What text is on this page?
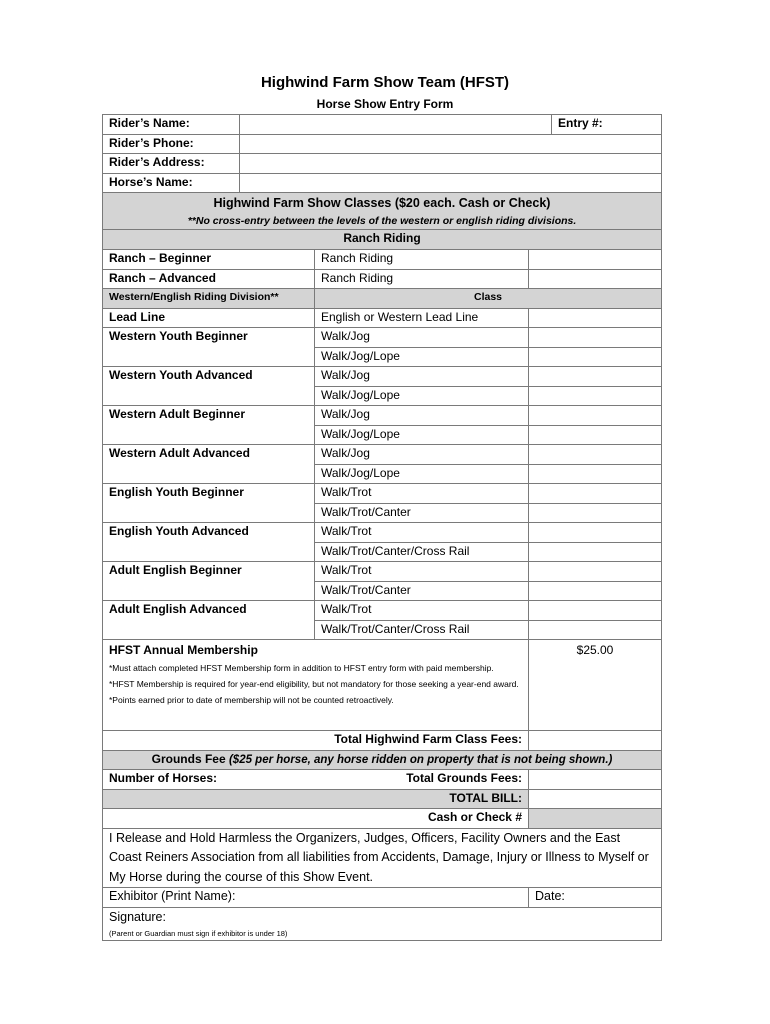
Highwind Farm Show Team (HFST)
Horse Show Entry Form
Rider’s Name:		Entry #:
Rider’s Phone:		
Rider’s Address:		
Horse’s Name:		
Highwind Farm Show Classes ($20 each. Cash or Check)		
**No cross-entry between the levels of the western or english riding divisions.		
Ranch Riding		
Ranch – Beginner	Ranch Riding	
Ranch – Advanced	Ranch Riding	
Western/English Riding Division**	Class	
Lead Line	English or Western Lead Line	
Western Youth Beginner	Walk/Jog	
	Walk/Jog/Lope	
Western Youth Advanced	Walk/Jog	
	Walk/Jog/Lope	
Western Adult Beginner	Walk/Jog	
	Walk/Jog/Lope	
Western Adult Advanced	Walk/Jog	
	Walk/Jog/Lope	
English Youth Beginner	Walk/Trot	
	Walk/Trot/Canter	
English Youth Advanced	Walk/Trot	
	Walk/Trot/Canter/Cross Rail	
Adult English Beginner	Walk/Trot	
	Walk/Trot/Canter	
Adult English Advanced	Walk/Trot	
	Walk/Trot/Canter/Cross Rail	
HFST Annual Membership
*Must attach completed HFST Membership form in addition to HFST entry form with paid membership.
*HFST Membership is required for year-end eligibility, but not mandatory for those seeking a year-end award.
*Points earned prior to date of membership will not be counted retroactively.		$25.00
Total Highwind Farm Class Fees:		
Grounds Fee ($25 per horse, any horse ridden on property that is not being shown.)		
Number of Horses:	Total Grounds Fees:	
TOTAL BILL:		
Cash or Check #		
I Release and Hold Harmless the Organizers, Judges, Officers, Facility Owners and the East Coast Reiners Association from all liabilities from Accidents, Damage, Injury or Illness to Myself or My Horse during the course of this Show Event.		
Exhibitor (Print Name):		Date:
Signature:
(Parent or Guardian must sign if exhibitor is under 18)		
